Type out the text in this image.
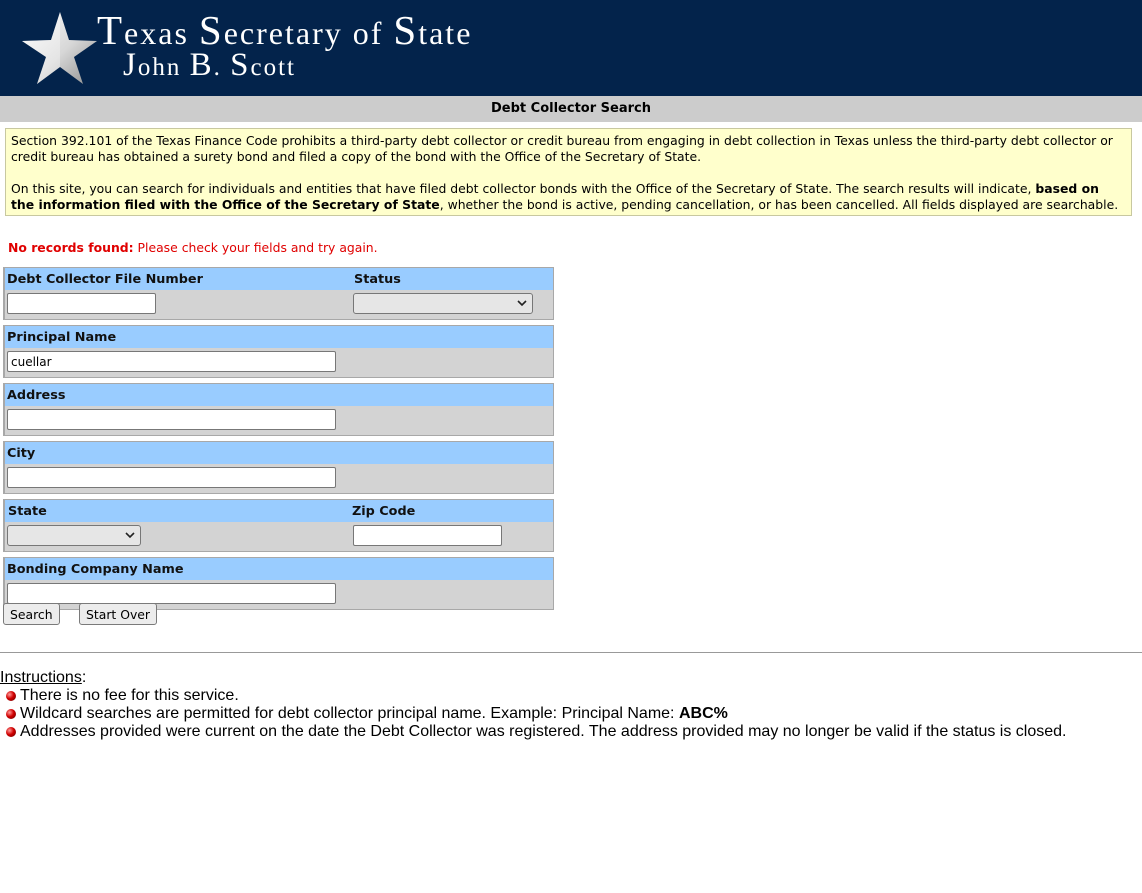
Texas Secretary of State
John B. Scott
Debt Collector Search

Section 392.101 of the Texas Finance Code prohibits a third-party debt collector or credit bureau from engaging in debt collection in Texas unless the third-party debt collector or credit bureau has obtained a surety bond and filed a copy of the bond with the Office of the Secretary of State.

On this site, you can search for individuals and entities that have filed debt collector bonds with the Office of the Secretary of State. The search results will indicate, based on the information filed with the Office of the Secretary of State, whether the bond is active, pending cancellation, or has been cancelled. All fields displayed are searchable.

No records found: Please check your fields and try again.
Debt Collector File Number	Status
Principal Name
cuellar
Address
City
State	Zip Code
Bonding Company Name
Search	Start Over
Instructions:
There is no fee for this service.
Wildcard searches are permitted for debt collector principal name. Example: Principal Name: ABC%
Addresses provided were current on the date the Debt Collector was registered. The address provided may no longer be valid if the status is closed.
